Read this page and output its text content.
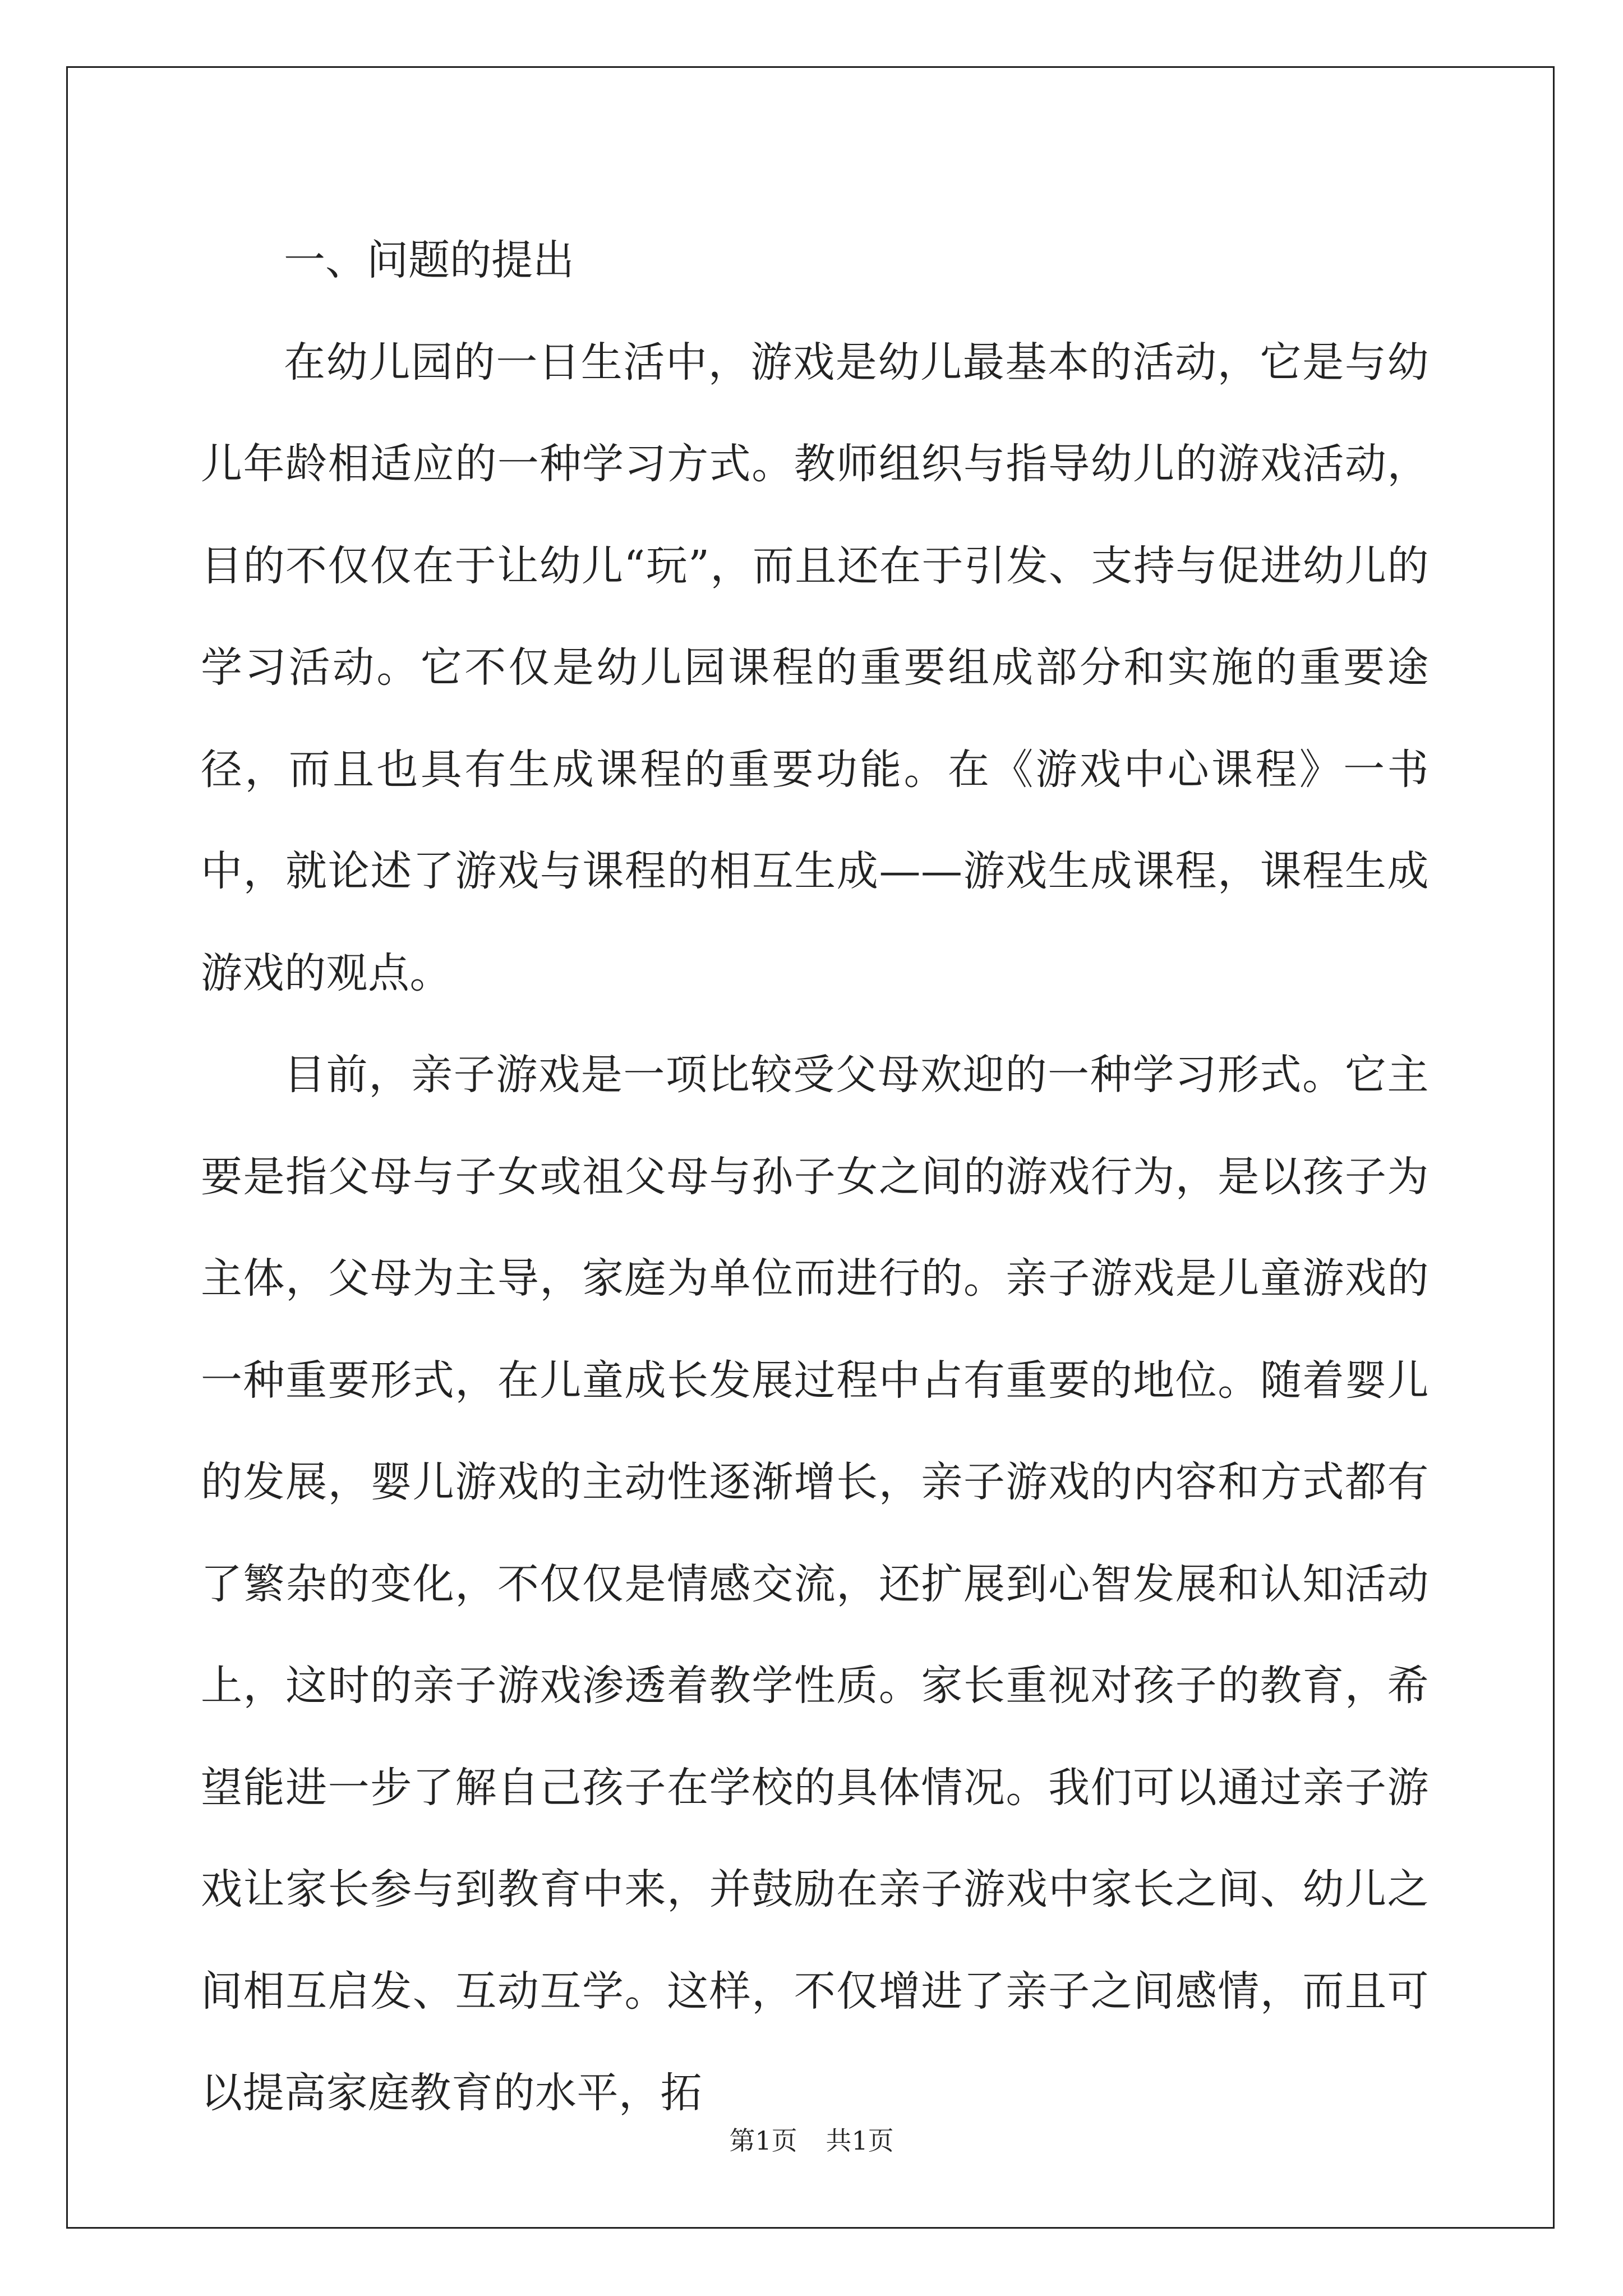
一、问题的提出

在幼儿园的一日生活中，游戏是幼儿最基本的活动，它是与幼儿年龄相适应的一种学习方式。教师组织与指导幼儿的游戏活动，目的不仅仅在于让幼儿“玩”，而且还在于引发、支持与促进幼儿的学习活动。它不仅是幼儿园课程的重要组成部分和实施的重要途径，而且也具有生成课程的重要功能。在《游戏中心课程》一书中，就论述了游戏与课程的相互生成——游戏生成课程，课程生成游戏的观点。

目前，亲子游戏是一项比较受父母欢迎的一种学习形式。它主要是指父母与子女或祖父母与孙子女之间的游戏行为，是以孩子为主体，父母为主导，家庭为单位而进行的。亲子游戏是儿童游戏的一种重要形式，在儿童成长发展过程中占有重要的地位。随着婴儿的发展，婴儿游戏的主动性逐渐增长，亲子游戏的内容和方式都有了繁杂的变化，不仅仅是情感交流，还扩展到心智发展和认知活动上，这时的亲子游戏渗透着教学性质。家长重视对孩子的教育，希望能进一步了解自己孩子在学校的具体情况。我们可以通过亲子游戏让家长参与到教育中来，并鼓励在亲子游戏中家长之间、幼儿之间相互启发、互动互学。这样，不仅增进了亲子之间感情，而且可以提高家庭教育的水平，拓

第1页 共1页
